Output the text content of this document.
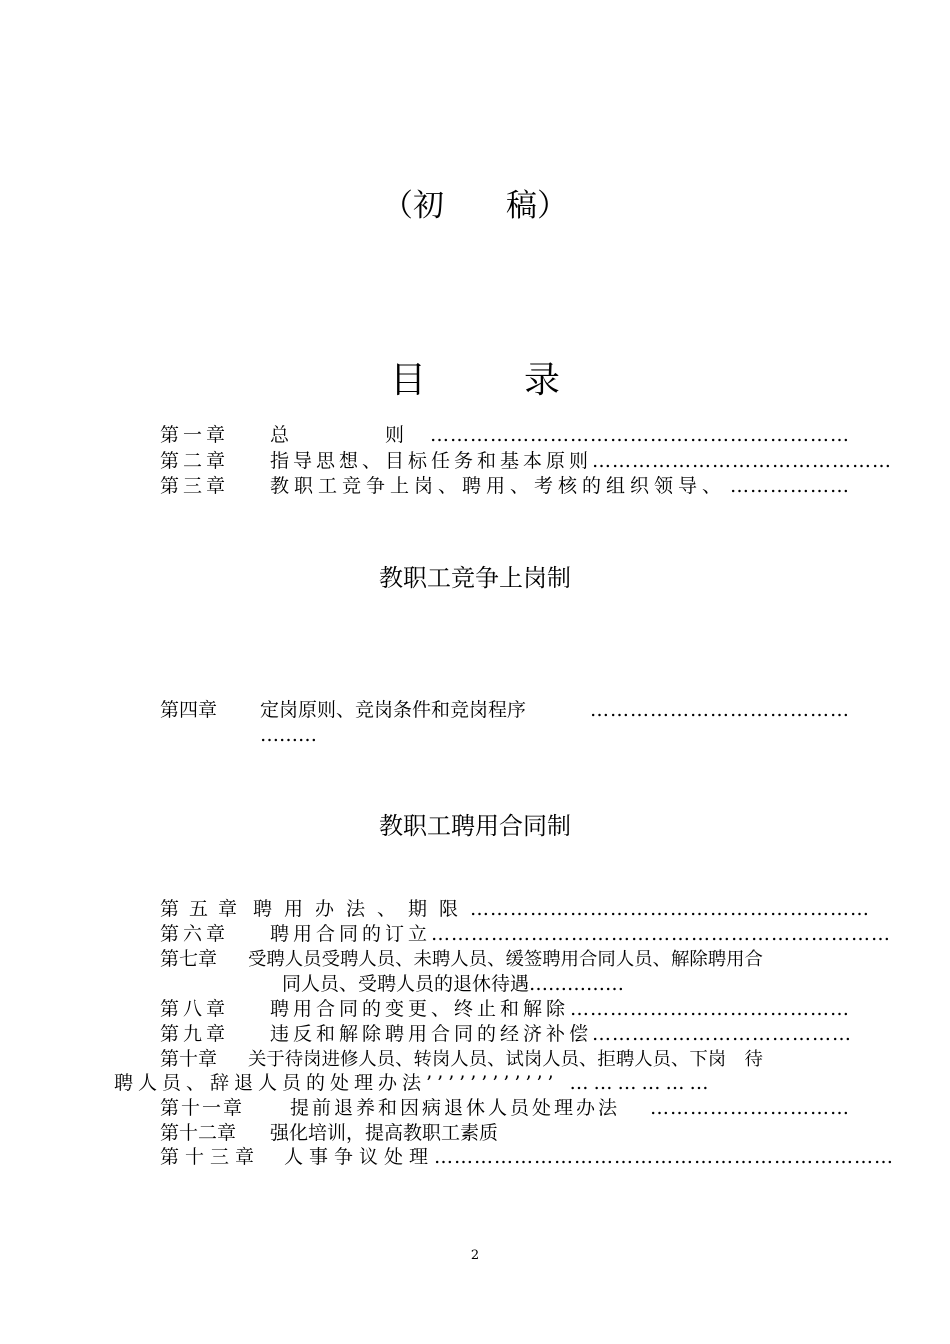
（初 稿）
目	录
第一章	总　　　　则	………………………………………………………
第二章	指导思想、目标任务和基本原则 ………………………………………
第三章	教职工竞争上岗、聘用、考核的组织领导、 ………………
教职工竞争上岗制
第四章	定岗原则、竞岗条件和竞岗程序	…………………………………
………
教职工聘用合同制
第五章 聘用办法、期限 ……………………………………………………
第六章	聘用合同的订立 ……………………………………………………………
第七章	受聘人员受聘人员、未聘人员、缓签聘用合同人员、解除聘用合
同人员、受聘人员的退休待遇……………
第八章	聘用合同的变更、终止和解除 ……………………………………
第九章	违反和解除聘用合同的经济补偿 …………………………………
第十章	关于待岗进修人员、转岗人员、试岗人员、拒聘人员、下岗　待
聘人员、辞退人员的处理办法’’’’’’’’’’’’ ………………
第十一章	提前退养和因病退休人员处理办法	…………………………
第十二章	强化培训，提高教职工素质
第十三章	人事争议处理 ……………………………………………………………
2
